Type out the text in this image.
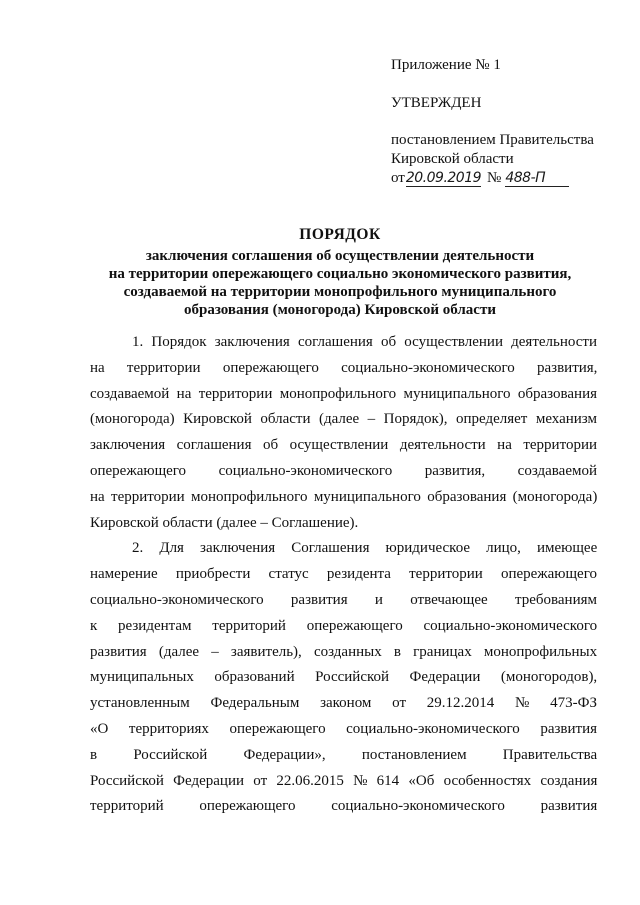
Приложение № 1
УТВЕРЖДЕН
постановлением Правительства
Кировской области
от20.09.2019 № 488-П
ПОРЯДОК
заключения соглашения об осуществлении деятельности
на территории опережающего социально экономического развития,
создаваемой на территории монопрофильного муниципального
образования (моногорода) Кировской области
1. Порядок заключения соглашения об осуществлении деятельности
на территории опережающего социально-экономического развития,
создаваемой на территории монопрофильного муниципального образования
(моногорода) Кировской области (далее – Порядок), определяет механизм
заключения соглашения об осуществлении деятельности на территории
опережающего социально-экономического развития, создаваемой
на территории монопрофильного муниципального образования (моногорода)
Кировской области (далее – Соглашение).
2. Для заключения Соглашения юридическое лицо, имеющее
намерение приобрести статус резидента территории опережающего
социально-экономического развития и отвечающее требованиям
к резидентам территорий опережающего социально-экономического
развития (далее – заявитель), созданных в границах монопрофильных
муниципальных образований Российской Федерации (моногородов),
установленным Федеральным законом от 29.12.2014 № 473-ФЗ
«О территориях опережающего социально-экономического развития
в Российской Федерации», постановлением Правительства
Российской Федерации от 22.06.2015 № 614 «Об особенностях создания
территорий опережающего социально-экономического развития
